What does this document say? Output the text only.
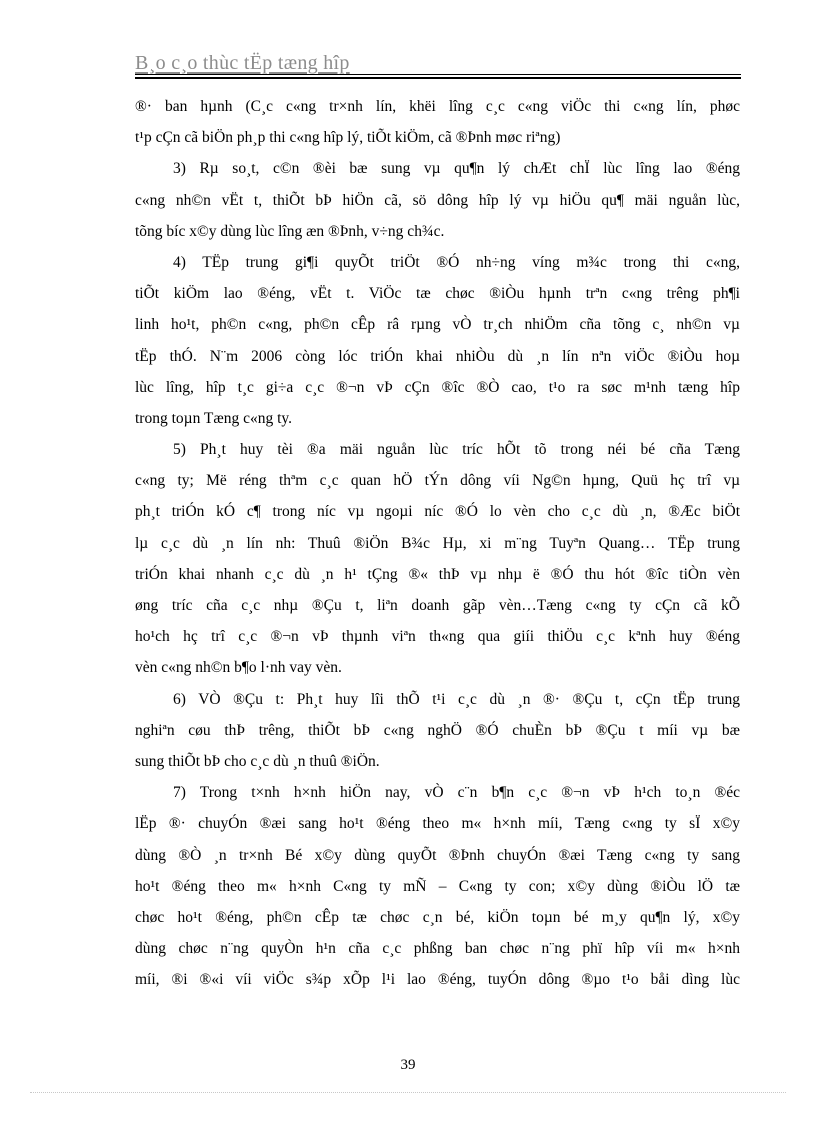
B¸o c¸o thùc tËp tæng hîp
®· ban hµnh (C¸c c«ng tr×nh lín, khëi lîng c¸c c«ng viÖc thi c«ng lín, phøc
t¹p cÇn cã biÖn ph¸p thi c«ng hîp lý, tiÕt kiÖm, cã ®Þnh møc riªng)
3) Rµ so¸t, c©n ®èi bæ sung vµ qu¶n lý chÆt chÏ lùc lîng lao ®éng
c«ng nh©n vËt t, thiÕt bÞ hiÖn cã, sö dông hîp lý vµ hiÖu qu¶ mäi nguån lùc,
tõng bíc x©y dùng lùc lîng æn ®Þnh, v÷ng ch¾c.
4) TËp trung gi¶i quyÕt triÖt ®Ó nh÷ng víng m¾c trong thi c«ng,
tiÕt kiÖm lao ®éng, vËt t. ViÖc tæ chøc ®iÒu hµnh trªn c«ng trêng ph¶i
linh ho¹t, ph©n c«ng, ph©n cÊp râ rµng vÒ tr¸ch nhiÖm cña tõng c¸ nh©n vµ
tËp thÓ. N¨m 2006 còng lóc triÓn khai nhiÒu dù ¸n lín nªn viÖc ®iÒu hoµ
lùc lîng, hîp t¸c gi÷a c¸c ®¬n vÞ cÇn ®îc ®Ò cao, t¹o ra søc m¹nh tæng hîp
trong toµn Tæng c«ng ty.
5) Ph¸t huy tèi ®a mäi nguån lùc tríc hÕt tõ trong néi bé cña Tæng
c«ng ty; Më réng thªm c¸c quan hÖ tÝn dông víi Ng©n hµng, Quü hç trî vµ
ph¸t triÓn kÓ c¶ trong níc vµ ngoµi níc ®Ó lo vèn cho c¸c dù ¸n, ®Æc biÖt
lµ c¸c dù ¸n lín nh: Thuû ®iÖn B¾c Hµ, xi m¨ng Tuyªn Quang… TËp trung
triÓn khai nhanh c¸c dù ¸n h¹ tÇng ®« thÞ vµ nhµ ë ®Ó thu hót ®îc tiÒn vèn
øng tríc cña c¸c nhµ ®Çu t, liªn doanh gãp vèn…Tæng c«ng ty cÇn cã kÕ
ho¹ch hç trî c¸c ®¬n vÞ thµnh viªn th«ng qua giíi thiÖu c¸c kªnh huy ®éng
vèn c«ng nh©n b¶o l·nh vay vèn.
6) VÒ ®Çu t: Ph¸t huy lîi thÕ t¹i c¸c dù ¸n ®· ®Çu t, cÇn tËp trung
nghiªn cøu thÞ trêng, thiÕt bÞ c«ng nghÖ ®Ó chuÈn bÞ ®Çu t míi vµ bæ
sung thiÕt bÞ cho c¸c dù ¸n thuû ®iÖn.
7) Trong t×nh h×nh hiÖn nay, vÒ c¨n b¶n c¸c ®¬n vÞ h¹ch to¸n ®éc
lËp ®· chuyÓn ®æi sang ho¹t ®éng theo m« h×nh míi, Tæng c«ng ty sÏ x©y
dùng ®Ò ¸n tr×nh Bé x©y dùng quyÕt ®Þnh chuyÓn ®æi Tæng c«ng ty sang
ho¹t ®éng theo m« h×nh C«ng ty mÑ – C«ng ty con; x©y dùng ®iÒu lÖ tæ
chøc ho¹t ®éng, ph©n cÊp tæ chøc c¸n bé, kiÖn toµn bé m¸y qu¶n lý, x©y
dùng chøc n¨ng quyÒn h¹n cña c¸c phßng ban chøc n¨ng phï hîp víi m« h×nh
míi, ®i ®«i víi viÖc s¾p xÕp l¹i lao ®éng, tuyÓn dông ®µo t¹o båi dìng lùc
39
